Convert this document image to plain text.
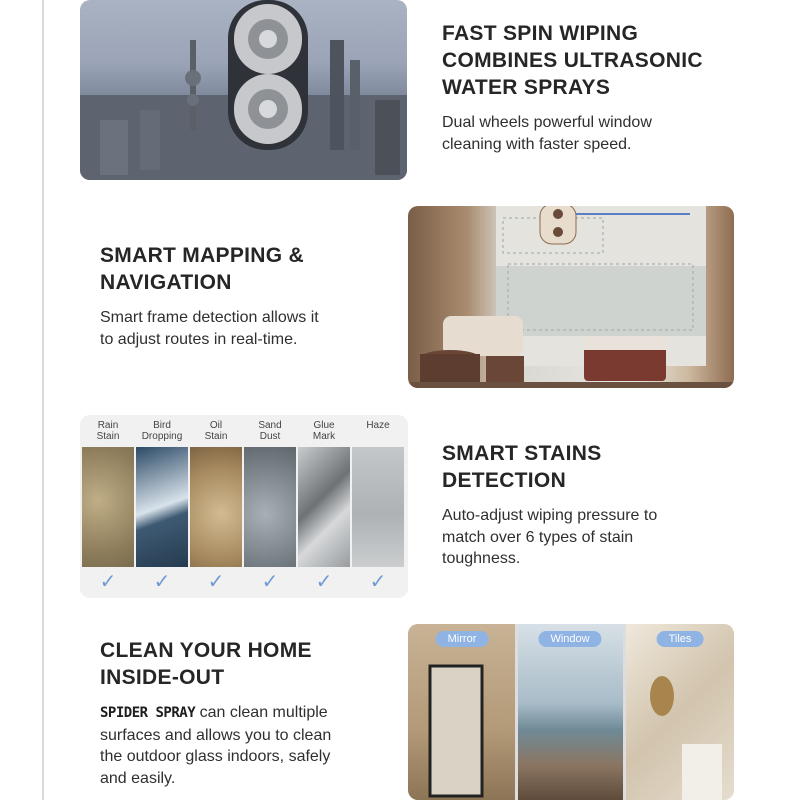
FAST SPIN WIPING
COMBINES ULTRASONIC
WATER SPRAYS

Dual wheels powerful window
cleaning with faster speed.

SMART MAPPING &
NAVIGATION

Smart frame detection allows it
to adjust routes in real-time.

Rain
Stain
Bird
Dropping
Oil
Stain
Sand
Dust
Glue
Mark
Haze

✓	✓	✓	✓	✓	✓
SMART STAINS
DETECTION

Auto-adjust wiping pressure to
match over 6 types of stain
toughness.

CLEAN YOUR HOME
INSIDE-OUT

SPIDER SPRAY can clean multiple
surfaces and allows you to clean
the outdoor glass indoors, safely
and easily.

Mirror	Window	Tiles
